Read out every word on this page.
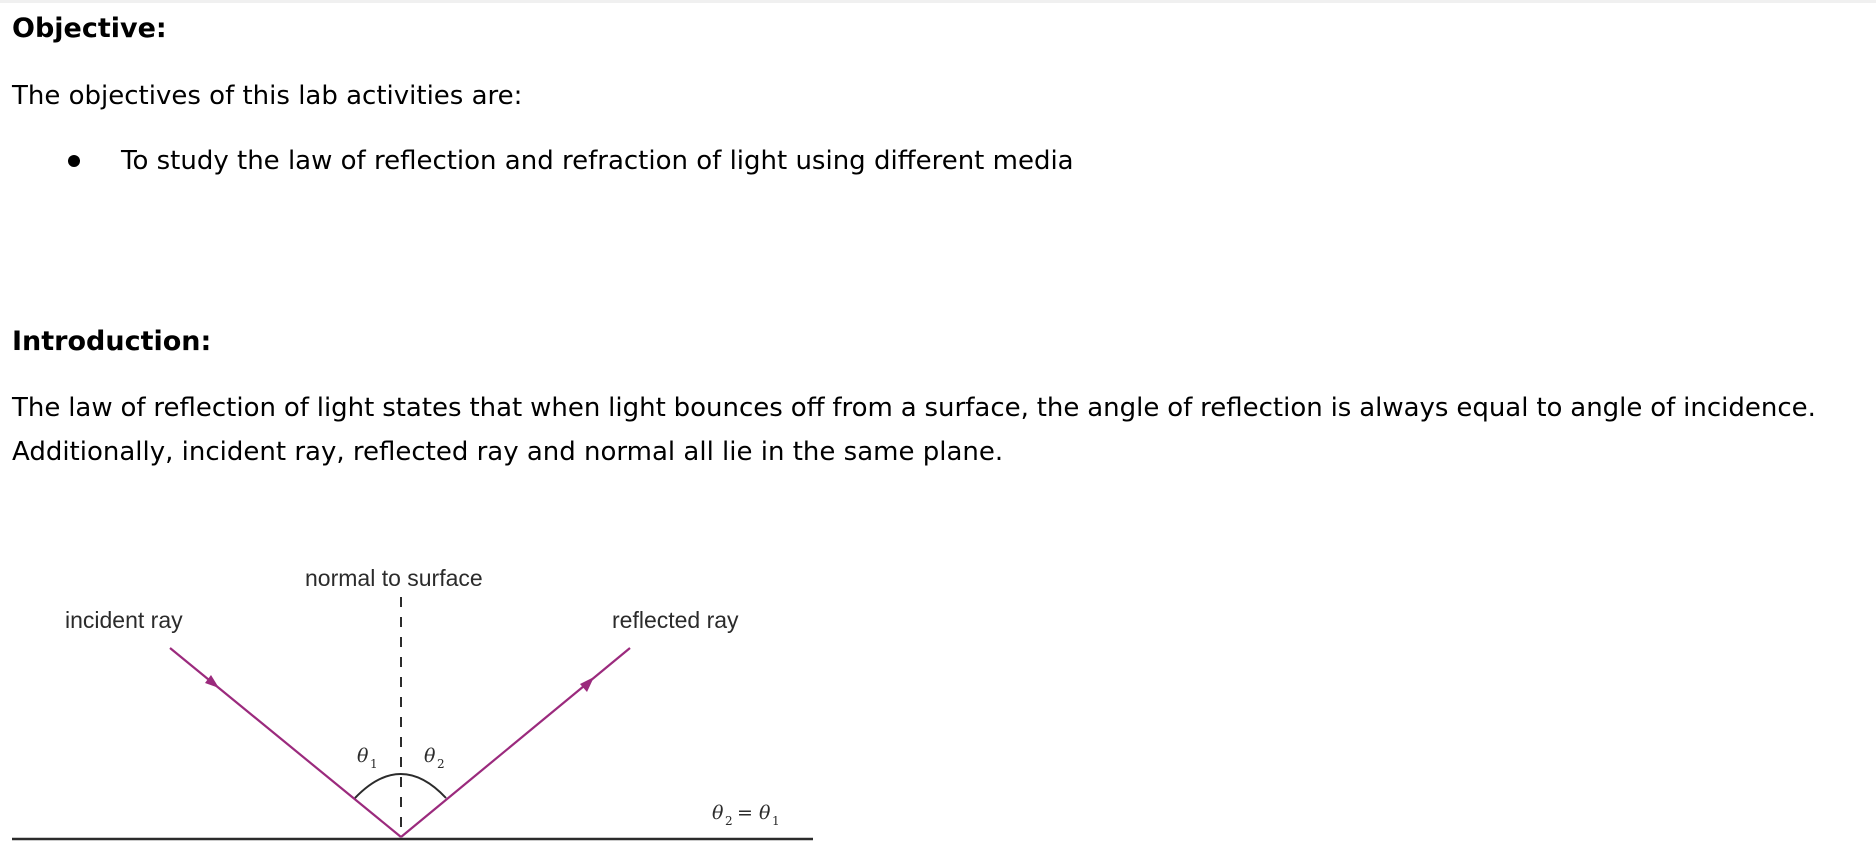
Objective:

The objectives of this lab activities are:

To study the law of reflection and refraction of light using different media
Introduction:
The law of reflection of light states that when light bounces off from a surface, the angle of reflection is always equal to angle of incidence.

Additionally, incident ray, reflected ray and normal all lie in the same plane.

normal to surface
incident ray	reflected ray
θ 1 θ 2
θ 2
= θ 1
